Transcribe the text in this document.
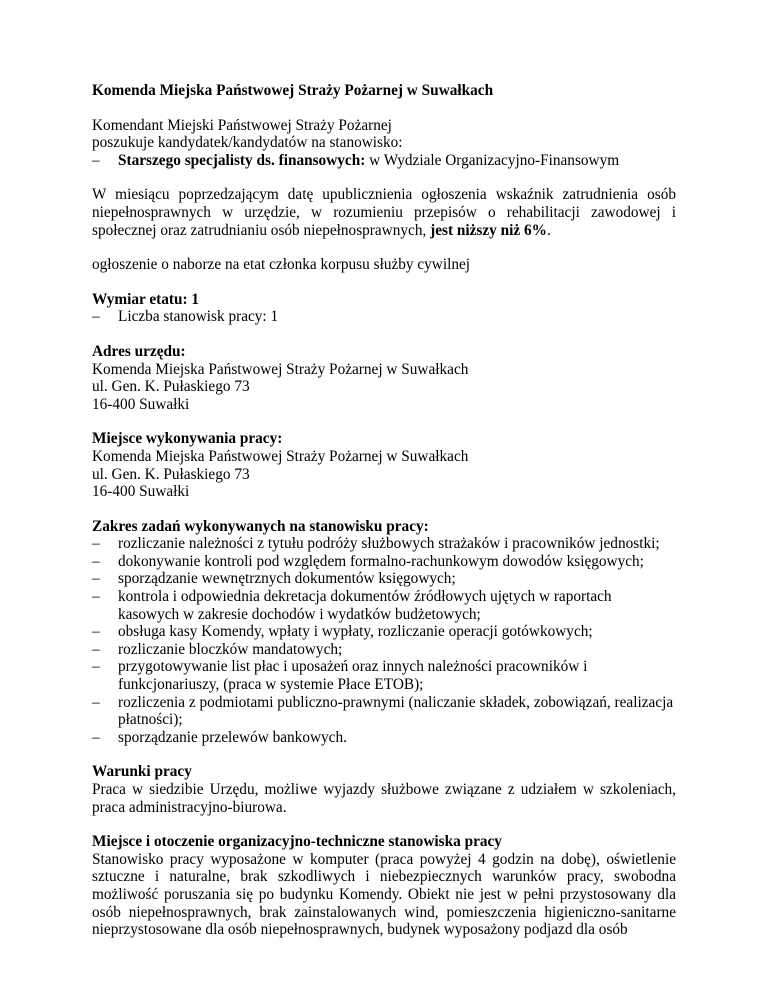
Komenda Miejska Państwowej Straży Pożarnej w Suwałkach

Komendant Miejski Państwowej Straży Pożarnej

poszukuje kandydatek/kandydatów na stanowisko:

– Starszego specjalisty ds. finansowych: w Wydziale Organizacyjno-Finansowym

W miesiącu poprzedzającym datę upublicznienia ogłoszenia wskaźnik zatrudnienia osób niepełnosprawnych w urzędzie, w rozumieniu przepisów o rehabilitacji zawodowej i społecznej oraz zatrudnianiu osób niepełnosprawnych, jest niższy niż 6%.

ogłoszenie o naborze na etat członka korpusu służby cywilnej

Wymiar etatu: 1

– Liczba stanowisk pracy: 1

Adres urzędu:

Komenda Miejska Państwowej Straży Pożarnej w Suwałkach

ul. Gen. K. Pułaskiego 73

16-400 Suwałki

Miejsce wykonywania pracy:

Komenda Miejska Państwowej Straży Pożarnej w Suwałkach

ul. Gen. K. Pułaskiego 73

16-400 Suwałki

Zakres zadań wykonywanych na stanowisku pracy:

– rozliczanie należności z tytułu podróży służbowych strażaków i pracowników jednostki;
– dokonywanie kontroli pod względem formalno-rachunkowym dowodów księgowych;
– sporządzanie wewnętrznych dokumentów księgowych;
– kontrola i odpowiednia dekretacja dokumentów źródłowych ujętych w raportach kasowych w zakresie dochodów i wydatków budżetowych;
– obsługa kasy Komendy, wpłaty i wypłaty, rozliczanie operacji gotówkowych;
– rozliczanie bloczków mandatowych;
– przygotowywanie list płac i uposażeń oraz innych należności pracowników i funkcjonariuszy, (praca w systemie Płace ETOB);
– rozliczenia z podmiotami publiczno-prawnymi (naliczanie składek, zobowiązań, realizacja płatności);
– sporządzanie przelewów bankowych.

Warunki pracy

Praca w siedzibie Urzędu, możliwe wyjazdy służbowe związane z udziałem w szkoleniach, praca administracyjno-biurowa.

Miejsce i otoczenie organizacyjno-techniczne stanowiska pracy

Stanowisko pracy wyposażone w komputer (praca powyżej 4 godzin na dobę), oświetlenie sztuczne i naturalne, brak szkodliwych i niebezpiecznych warunków pracy, swobodna możliwość poruszania się po budynku Komendy. Obiekt nie jest w pełni przystosowany dla osób niepełnosprawnych, brak zainstalowanych wind, pomieszczenia higieniczno-sanitarne nieprzystosowane dla osób niepełnosprawnych, budynek wyposażony podjazd dla osób
